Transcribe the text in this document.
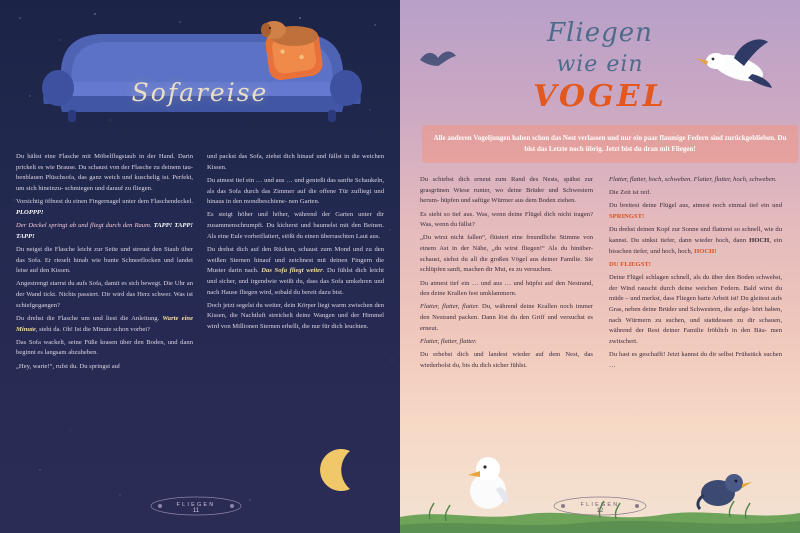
Sofareise

Du hältst eine Flasche mit Möbelflugstaub in der Hand. Darin prickelt es wie Brause. Du schaust von der Flasche zu deinem tau- benblauen Plüschsofa, das ganz weich und kuschelig ist. Perfekt, um sich hineinzu- schmiegen und darauf zu fliegen.

Vorsichtig öffnest du einen Fingernagel unter dem Flaschendeckel. PLOPPP!

Der Deckel springt ab und fliegt durch den Raum. TAPP! TAPP! TAPP!

Du neigst die Flasche leicht zur Seite und streust den Staub über das Sofa. Er rieselt hinab wie bunte Schneeflocken und landet leise auf den Kissen.

Angestrengt starrst du aufs Sofa, damit es sich bewegt. Die Uhr an der Wand tickt. Nichts passiert. Dir wird das Herz schwer. Was ist schiefgegangen?

Du drehst die Flasche um und liest die Anleitung. Warte eine Minute, steht da. Oh! Ist die Minute schon vorbei?

Das Sofa wackelt, seine Füße krasen über den Boden, und dann beginnt es langsam abzuheben.

„Hey, warte!“, rufst du. Du springst auf

und packst das Sofa, ziehst dich hinauf und fällst in die weichen Kissen.

Du atmest tief ein … und aus … und genießt das sanfte Schaukeln, als das Sofa durch das Zimmer auf die offene Tür zufliegt und hinaus in den mondbeschiene- nen Garten.

Es steigt höher und höher, während der Garten unter dir zusammenschrumpft. Du kicherst und baumelst mit den Beinen. Als eine Eule vorbeiflattert, stößt du einen überraschten Laut aus.

Du drehst dich auf den Rücken, schaust zum Mond und zu den weißen Sternen hinauf und zeichnest mit deinen Fingern die Muster darin nach. Das Sofa fliegt weiter. Du fühlst dich leicht und sicher, und irgendwie weißt du, dass das Sofa umkehren und nach Hause fliegen wird, sobald du bereit dazu bist.

Doch jetzt segelst du weiter, dein Körper liegt warm zwischen den Kissen, die Nachtluft streichelt deine Wangen und der Himmel wird von Millionen Sternen erhellt, die nur für dich leuchten.

FLIEGEN
11
Fliegen
wie ein
VOGEL
Alle anderen Vogeljungen haben schon das Nest verlassen und nur ein paar flaumige Federn sind zurückgeblieben. Du bist das Letzte noch übrig. Jetzt bist du dran mit Fliegen!

Du schiebst dich erneut zum Rand des Nests, spähst zur grasgrünen Wiese runter, wo deine Brüder und Schwestern herum- hüpfen und saftige Würmer aus dem Boden ziehen.

Es sieht so tief aus. Was, wenn deine Flügel dich nicht tragen? Was, wenn du fällst?

„Du wirst nicht fallen“, flüstert eine freundliche Stimme von einem Ast in der Nähe, „du wirst fliegen!“ Als du hinüber- schaust, siehst du all die großen Vögel aus deiner Familie. Sie schlüpfen sanft, machen dir Mut, es zu versuchen.

Du atmest tief ein … und aus … und hüpfst auf den Nestrand, den deine Krallen fest umklammern.

Flatter, flatter, flatter. Du, während deine Krallen noch immer den Nestrand packen. Dann löst du den Griff und versuchst es erneut.

Flatter, flatter, flatter.

Du erhebst dich und landest wieder auf dem Nest, das wiederholst du, bis du dich sicher fühlst.

Flatter, flatter, hoch, schweben. Flatter, flatter, hoch, schweben.

Die Zeit ist reif.

Du breitest deine Flügel aus, atmest noch einmal tief ein und SPRINGST!

Du drehst deinen Kopf zur Sonne und flatterst so schnell, wie du kannst. Du sinkst tiefer, dann wieder hoch, dann HOCH, ein bisschen tiefer, und hoch, hoch, HOCH!

DU FLIEGST!

Deine Flügel schlagen schnell, als du über den Boden schwebst, der Wind rauscht durch deine weichen Federn. Bald wirst du müde – und merkst, dass Fliegen harte Arbeit ist! Du gleitest aufs Gras, neben deine Brüder und Schwestern, die aufge- hört haben, nach Würmern zu suchen, und stattdessen zu dir schauen, während der Rest deiner Familie fröhlich in den Bäu- men zwitschert.

Du hast es geschafft! Jetzt kannst du dir selbst Frühstück suchen …

FLIEGEN
12
